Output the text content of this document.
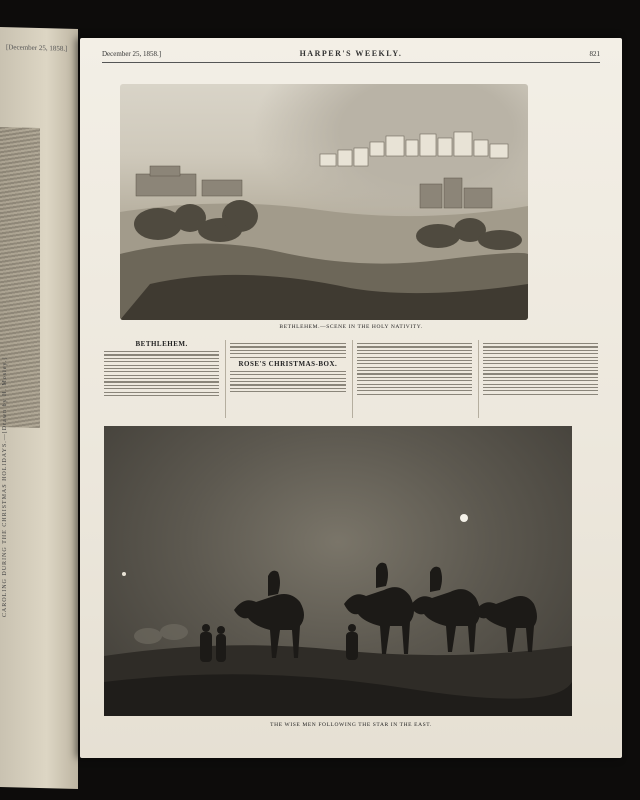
[December 25, 1858.]
CAROLING DURING THE CHRISTMAS HOLIDAYS.—[Drawn by H. Mosley.]
December 25, 1858.]	HARPER'S WEEKLY.	821
BETHLEHEM.—SCENE IN THE HOLY NATIVITY.
BETHLEHEM.
ROSE'S CHRISTMAS-BOX.
THE WISE MEN FOLLOWING THE STAR IN THE EAST.
